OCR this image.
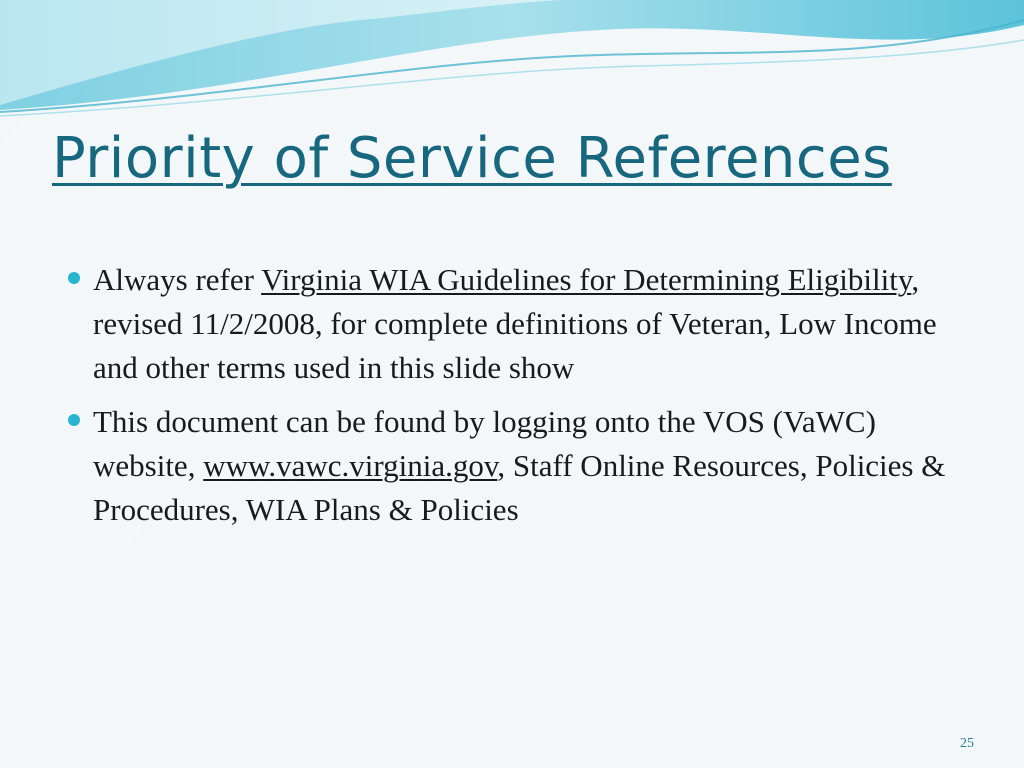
Priority of Service References
Always refer Virginia WIA Guidelines for Determining Eligibility, revised 11/2/2008, for complete definitions of Veteran, Low Income and other terms used in this slide show
This document can be found by logging onto the VOS (VaWC) website, www.vawc.virginia.gov, Staff Online Resources, Policies & Procedures, WIA Plans & Policies
25
